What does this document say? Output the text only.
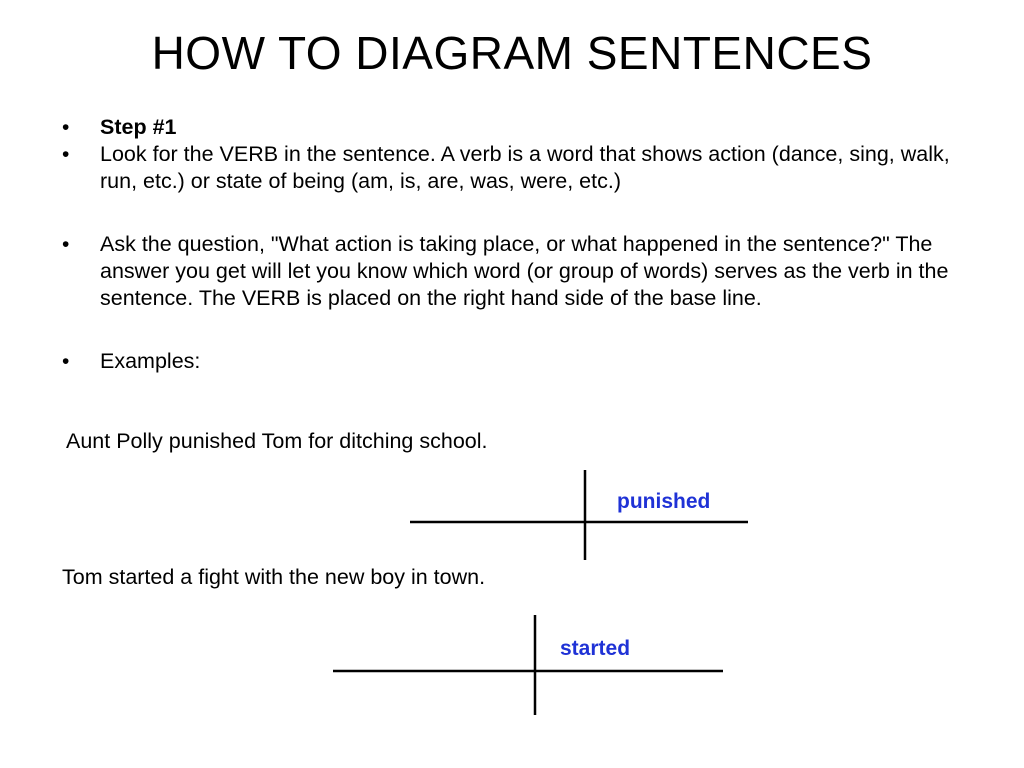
HOW TO DIAGRAM SENTENCES
• Step #1
• Look for the VERB in the sentence. A verb is a word that shows action (dance, sing, walk, run, etc.) or state of being (am, is, are, was, were, etc.)
• Ask the question, "What action is taking place, or what happened in the sentence?" The answer you get will let you know which word (or group of words) serves as the verb in the sentence. The VERB is placed on the right hand side of the base line.
• Examples:
Aunt Polly punished Tom for ditching school.
punished
Tom started a fight with the new boy in town.
started
